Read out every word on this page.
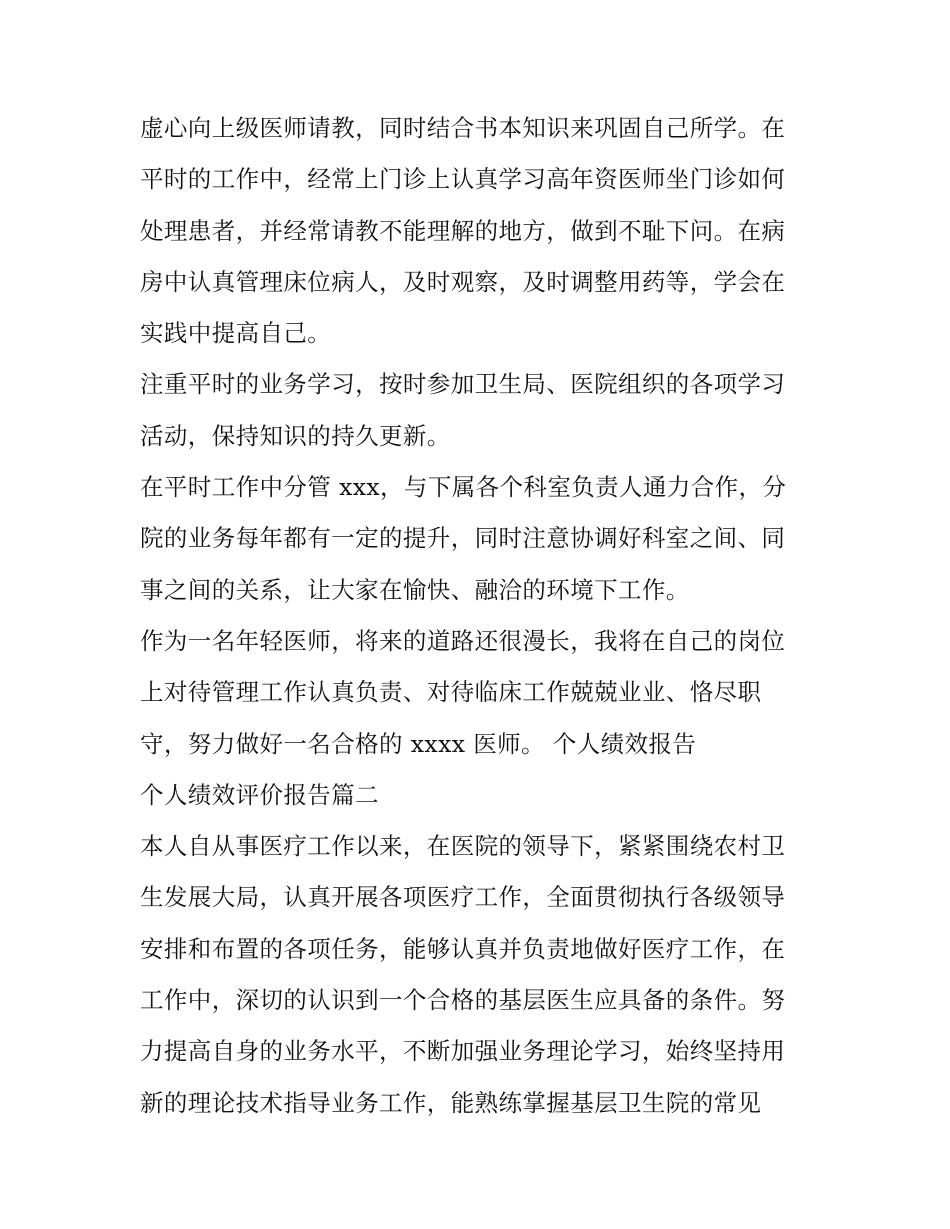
虚心向上级医师请教，同时结合书本知识来巩固自己所学。在
平时的工作中，经常上门诊上认真学习高年资医师坐门诊如何
处理患者，并经常请教不能理解的地方，做到不耻下问。在病
房中认真管理床位病人，及时观察，及时调整用药等，学会在
实践中提高自己。
注重平时的业务学习，按时参加卫生局、医院组织的各项学习
活动，保持知识的持久更新。
在平时工作中分管 xxx，与下属各个科室负责人通力合作，分
院的业务每年都有一定的提升，同时注意协调好科室之间、同
事之间的关系，让大家在愉快、融洽的环境下工作。
作为一名年轻医师，将来的道路还很漫长，我将在自己的岗位
上对待管理工作认真负责、对待临床工作兢兢业业、恪尽职
守，努力做好一名合格的 xxxx 医师。 个人绩效报告
个人绩效评价报告篇二
本人自从事医疗工作以来，在医院的领导下，紧紧围绕农村卫
生发展大局，认真开展各项医疗工作，全面贯彻执行各级领导
安排和布置的各项任务，能够认真并负责地做好医疗工作，在
工作中，深切的认识到一个合格的基层医生应具备的条件。努
力提高自身的业务水平，不断加强业务理论学习，始终坚持用
新的理论技术指导业务工作，能熟练掌握基层卫生院的常见
